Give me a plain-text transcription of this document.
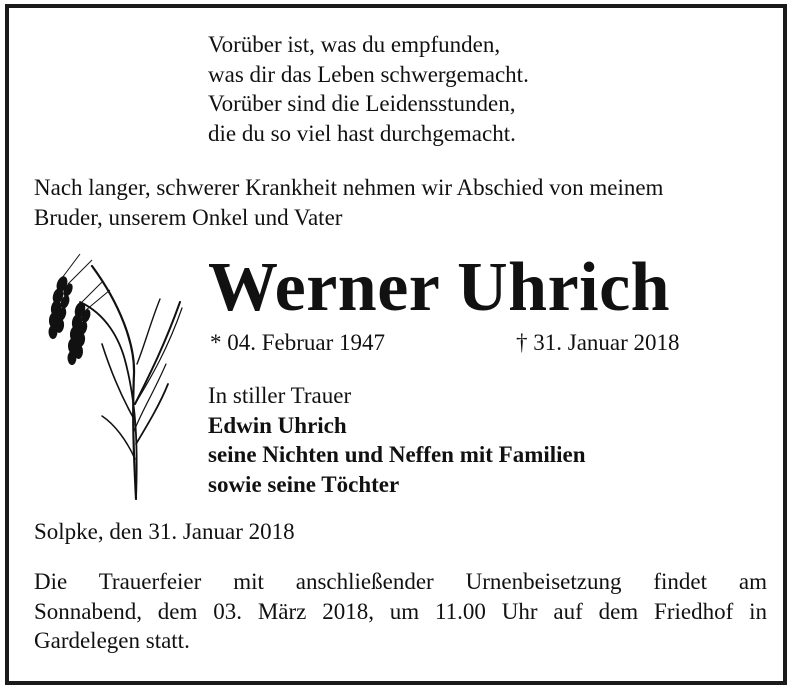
Vorüber ist, was du empfunden,
was dir das Leben schwergemacht.
Vorüber sind die Leidensstunden,
die du so viel hast durchgemacht.
Nach langer, schwerer Krankheit nehmen wir Abschied von meinem
Bruder, unserem Onkel und Vater
Werner Uhrich
* 04. Februar 1947	† 31. Januar 2018
In stiller Trauer
Edwin Uhrich
seine Nichten und Neffen mit Familien
sowie seine Töchter
Solpke, den 31. Januar 2018
Die Trauerfeier mit anschließender Urnenbeisetzung findet am
Sonnabend, dem 03. März 2018, um 11.00 Uhr auf dem Friedhof in
Gardelegen statt.
